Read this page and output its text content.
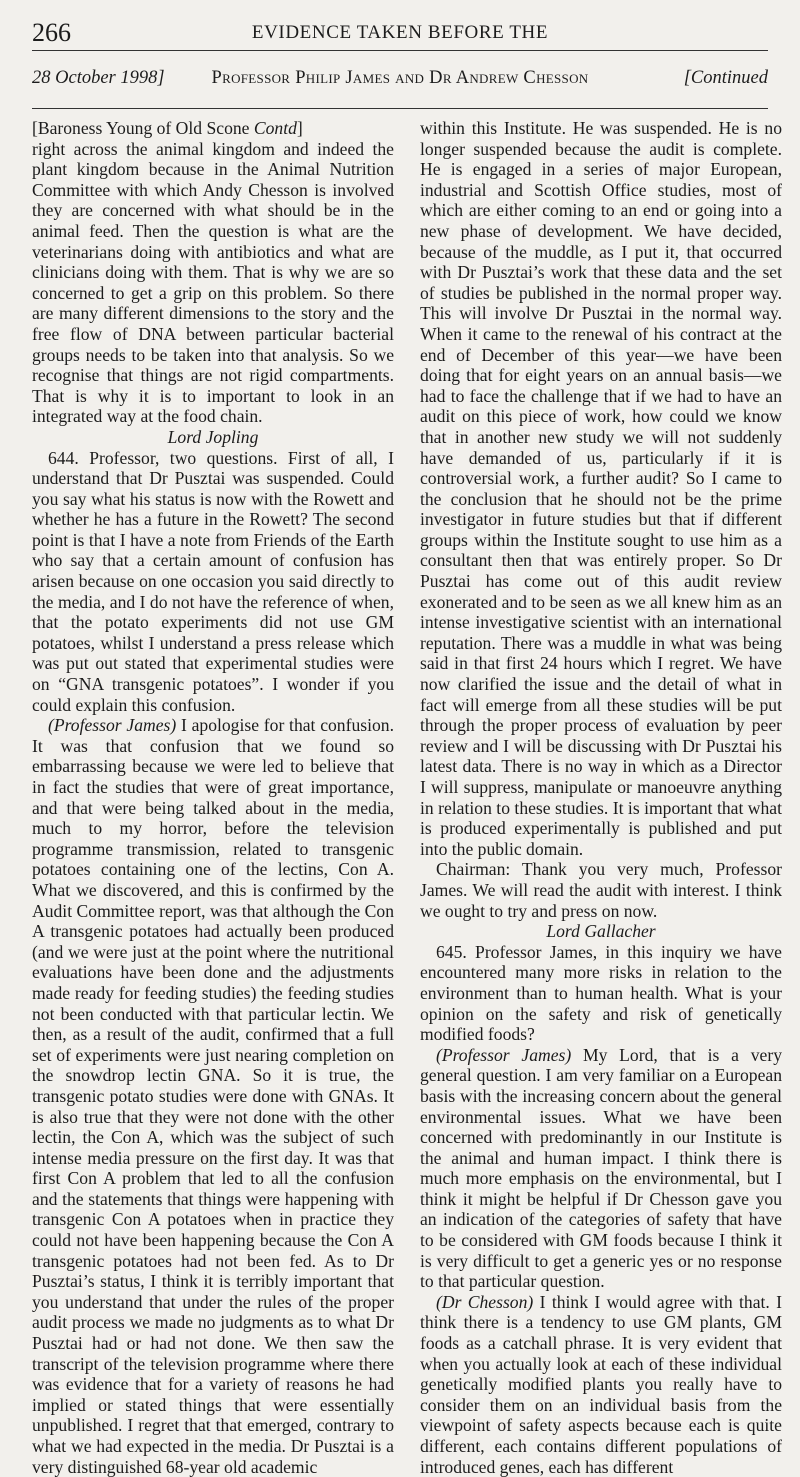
266	EVIDENCE TAKEN BEFORE THE
28 October 1998]	Professor Philip James and Dr Andrew Chesson	[Continued

[Baroness Young of Old Scone Contd]

right across the animal kingdom and indeed the plant kingdom because in the Animal Nutrition Committee with which Andy Chesson is involved they are concerned with what should be in the animal feed. Then the question is what are the veterinarians doing with antibiotics and what are clinicians doing with them. That is why we are so concerned to get a grip on this problem. So there are many different dimensions to the story and the free flow of DNA between particular bacterial groups needs to be taken into that analysis. So we recognise that things are not rigid compartments. That is why it is to important to look in an integrated way at the food chain.

Lord Jopling

644. Professor, two questions. First of all, I understand that Dr Pusztai was suspended. Could you say what his status is now with the Rowett and whether he has a future in the Rowett? The second point is that I have a note from Friends of the Earth who say that a certain amount of confusion has arisen because on one occasion you said directly to the media, and I do not have the reference of when, that the potato experiments did not use GM potatoes, whilst I understand a press release which was put out stated that experimental studies were on “GNA transgenic potatoes”. I wonder if you could explain this confusion.

(Professor James) I apologise for that confusion. It was that confusion that we found so embarrassing because we were led to believe that in fact the studies that were of great importance, and that were being talked about in the media, much to my horror, before the television programme transmission, related to transgenic potatoes containing one of the lectins, Con A. What we discovered, and this is confirmed by the Audit Committee report, was that although the Con A transgenic potatoes had actually been produced (and we were just at the point where the nutritional evaluations have been done and the adjustments made ready for feeding studies) the feeding studies not been conducted with that particular lectin. We then, as a result of the audit, confirmed that a full set of experiments were just nearing completion on the snowdrop lectin GNA. So it is true, the transgenic potato studies were done with GNAs. It is also true that they were not done with the other lectin, the Con A, which was the subject of such intense media pressure on the first day. It was that first Con A problem that led to all the confusion and the statements that things were happening with transgenic Con A potatoes when in practice they could not have been happening because the Con A transgenic potatoes had not been fed. As to Dr Pusztai’s status, I think it is terribly important that you understand that under the rules of the proper audit process we made no judgments as to what Dr Pusztai had or had not done. We then saw the transcript of the television programme where there was evidence that for a variety of reasons he had implied or stated things that were essentially unpublished. I regret that that emerged, contrary to what we had expected in the media. Dr Pusztai is a very distinguished 68-year old academic

within this Institute. He was suspended. He is no longer suspended because the audit is complete. He is engaged in a series of major European, industrial and Scottish Office studies, most of which are either coming to an end or going into a new phase of development. We have decided, because of the muddle, as I put it, that occurred with Dr Pusztai’s work that these data and the set of studies be published in the normal proper way. This will involve Dr Pusztai in the normal way. When it came to the renewal of his contract at the end of December of this year—we have been doing that for eight years on an annual basis—we had to face the challenge that if we had to have an audit on this piece of work, how could we know that in another new study we will not suddenly have demanded of us, particularly if it is controversial work, a further audit? So I came to the conclusion that he should not be the prime investigator in future studies but that if different groups within the Institute sought to use him as a consultant then that was entirely proper. So Dr Pusztai has come out of this audit review exonerated and to be seen as we all knew him as an intense investigative scientist with an international reputation. There was a muddle in what was being said in that first 24 hours which I regret. We have now clarified the issue and the detail of what in fact will emerge from all these studies will be put through the proper process of evaluation by peer review and I will be discussing with Dr Pusztai his latest data. There is no way in which as a Director I will suppress, manipulate or manoeuvre anything in relation to these studies. It is important that what is produced experimentally is published and put into the public domain.

Chairman: Thank you very much, Professor James. We will read the audit with interest. I think we ought to try and press on now.

Lord Gallacher

645. Professor James, in this inquiry we have encountered many more risks in relation to the environment than to human health. What is your opinion on the safety and risk of genetically modified foods?

(Professor James) My Lord, that is a very general question. I am very familiar on a European basis with the increasing concern about the general environmental issues. What we have been concerned with predominantly in our Institute is the animal and human impact. I think there is much more emphasis on the environmental, but I think it might be helpful if Dr Chesson gave you an indication of the categories of safety that have to be considered with GM foods because I think it is very difficult to get a generic yes or no response to that particular question.

(Dr Chesson) I think I would agree with that. I think there is a tendency to use GM plants, GM foods as a catchall phrase. It is very evident that when you actually look at each of these individual genetically modified plants you really have to consider them on an individual basis from the viewpoint of safety aspects because each is quite different, each contains different populations of introduced genes, each has different
